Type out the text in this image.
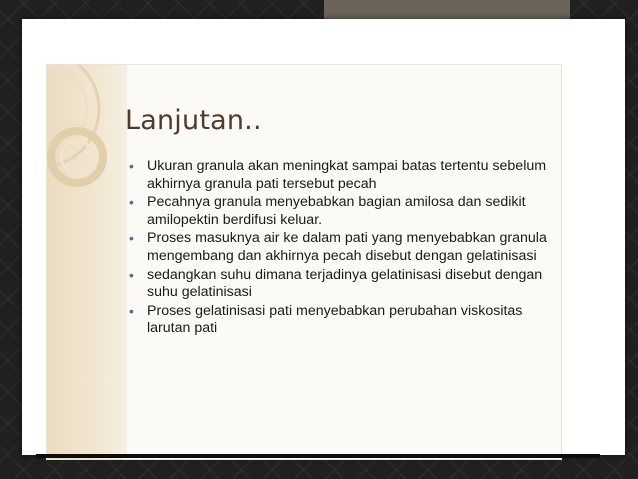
Lanjutan..
• Ukuran granula akan meningkat sampai batas tertentu sebelum akhirnya granula pati tersebut pecah
• Pecahnya granula menyebabkan bagian amilosa dan sedikit amilopektin berdifusi keluar.
• Proses masuknya air ke dalam pati yang menyebabkan granula mengembang dan akhirnya pecah disebut dengan gelatinisasi
• sedangkan suhu dimana terjadinya gelatinisasi disebut dengan suhu gelatinisasi
• Proses gelatinisasi pati menyebabkan perubahan viskositas larutan pati
